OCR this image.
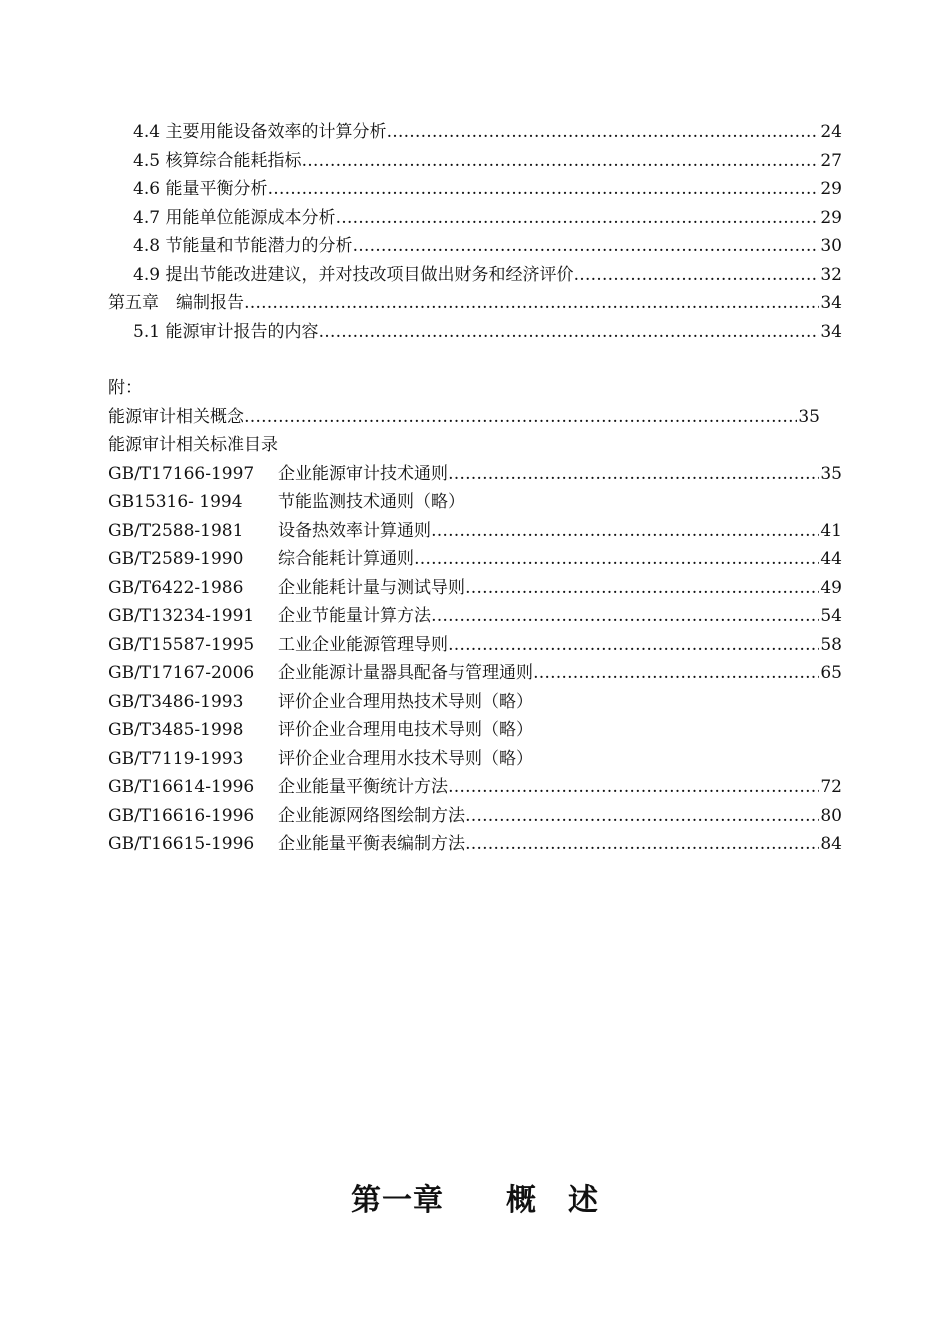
4.4 主要用能设备效率的计算分析 ……………………………………………………………………………………………………………………………………………………………………………………………………	24
4.5 核算综合能耗指标 ……………………………………………………………………………………………………………………………………………………………………………………………………	27
4.6 能量平衡分析 ……………………………………………………………………………………………………………………………………………………………………………………………………	29
4.7 用能单位能源成本分析 ……………………………………………………………………………………………………………………………………………………………………………………………………	29
4.8 节能量和节能潜力的分析 ……………………………………………………………………………………………………………………………………………………………………………………………………	30
4.9 提出节能改进建议，并对技改项目做出财务和经济评价 ……………………………………………………………………………………………………………………………………………………………………………………………………	32
第五章　编制报告 ……………………………………………………………………………………………………………………………………………………………………………………………………	34
5.1 能源审计报告的内容 ……………………………………………………………………………………………………………………………………………………………………………………………………	34
附：
能源审计相关概念 ……………………………………………………………………………………………………………………………………………………………………………………………………	35
能源审计相关标准目录
GB/T17166-1997	企业能源审计技术通则 ……………………………………………………………………………………………………………………………………………………………………………………………………	35
GB15316- 1994	节能监测技术通则（略）
GB/T2588-1981	设备热效率计算通则 ……………………………………………………………………………………………………………………………………………………………………………………………………	41
GB/T2589-1990	综合能耗计算通则 ……………………………………………………………………………………………………………………………………………………………………………………………………	44
GB/T6422-1986	企业能耗计量与测试导则 ……………………………………………………………………………………………………………………………………………………………………………………………………	49
GB/T13234-1991	企业节能量计算方法 ……………………………………………………………………………………………………………………………………………………………………………………………………	54
GB/T15587-1995	工业企业能源管理导则 ……………………………………………………………………………………………………………………………………………………………………………………………………	58
GB/T17167-2006	企业能源计量器具配备与管理通则 ……………………………………………………………………………………………………………………………………………………………………………………………………	65
GB/T3486-1993	评价企业合理用热技术导则（略）
GB/T3485-1998	评价企业合理用电技术导则（略）
GB/T7119-1993	评价企业合理用水技术导则（略）
GB/T16614-1996	企业能量平衡统计方法 ……………………………………………………………………………………………………………………………………………………………………………………………………	72
GB/T16616-1996	企业能源网络图绘制方法 ……………………………………………………………………………………………………………………………………………………………………………………………………	80
GB/T16615-1996	企业能量平衡表编制方法 ……………………………………………………………………………………………………………………………………………………………………………………………………	84
第一章　　概　述
